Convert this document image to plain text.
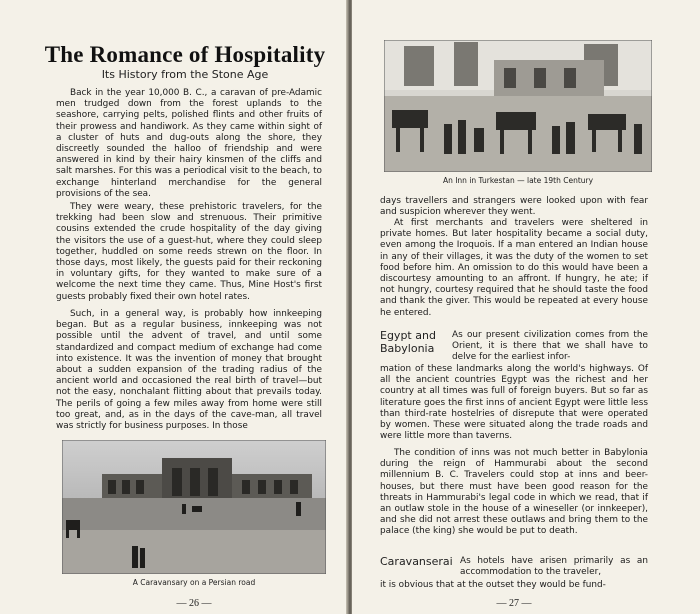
The Romance of Hospitality
Its History from the Stone Age

Back in the year 10,000 B. C., a caravan of pre-Adamic men trudged down from the forest uplands to the seashore, carrying pelts, polished flints and other fruits of their prowess and handiwork. As they came within sight of a cluster of huts and dug-outs along the shore, they discreetly sounded the halloo of friendship and were answered in kind by their hairy kinsmen of the cliffs and salt marshes. For this was a periodical visit to the beach, to exchange hinterland merchandise for the general provisions of the sea.

They were weary, these prehistoric travelers, for the trekking had been slow and strenuous. Their primitive cousins extended the crude hospitality of the day giving the visitors the use of a guest-hut, where they could sleep together, huddled on some reeds strewn on the floor. In those days, most likely, the guests paid for their reckoning in voluntary gifts, for they wanted to make sure of a welcome the next time they came. Thus, Mine Host's first guests probably fixed their own hotel rates.

Such, in a general way, is probably how innkeeping began. But as a regular business, innkeeping was not possible until the advent of travel, and until some standardized and compact medium of exchange had come into existence. It was the invention of money that brought about a sudden expansion of the trading radius of the ancient world and occasioned the real birth of travel—but not the easy, nonchalant flitting about that prevails today. The perils of going a few miles away from home were still too great, and, as in the days of the cave-man, all travel was strictly for business purposes. In those

A Caravansary on a Persian road
— 26 —
An Inn in Turkestan — late 19th Century

days travellers and strangers were looked upon with fear and suspicion wherever they went.

At first merchants and travelers were sheltered in private homes. But later hospitality became a social duty, even among the Iroquois. If a man entered an Indian house in any of their villages, it was the duty of the women to set food before him. An omission to do this would have been a discourtesy amounting to an affront. If hungry, he ate; if not hungry, courtesy required that he should taste the food and thank the giver. This would be repeated at every house he entered.

Egypt and
Babylonia

As our present civilization comes from the Orient, it is there that we shall have to delve for the earliest infor-

mation of these landmarks along the world's highways. Of all the ancient countries Egypt was the richest and her country at all times was full of foreign buyers. But so far as literature goes the first inns of ancient Egypt were little less than third-rate hostelries of disrepute that were operated by women. These were situated along the trade roads and were little more than taverns.

The condition of inns was not much better in Babylonia during the reign of Hammurabi about the second millennium B. C. Travelers could stop at inns and beer-houses, but there must have been good reason for the threats in Hammurabi's legal code in which we read, that if an outlaw stole in the house of a wineseller (or innkeeper), and she did not arrest these outlaws and bring them to the palace (the king) she would be put to death.

Caravanserai As hotels have arisen primarily as an accommodation to the traveler,

it is obvious that at the outset they would be fund-

— 27 —
